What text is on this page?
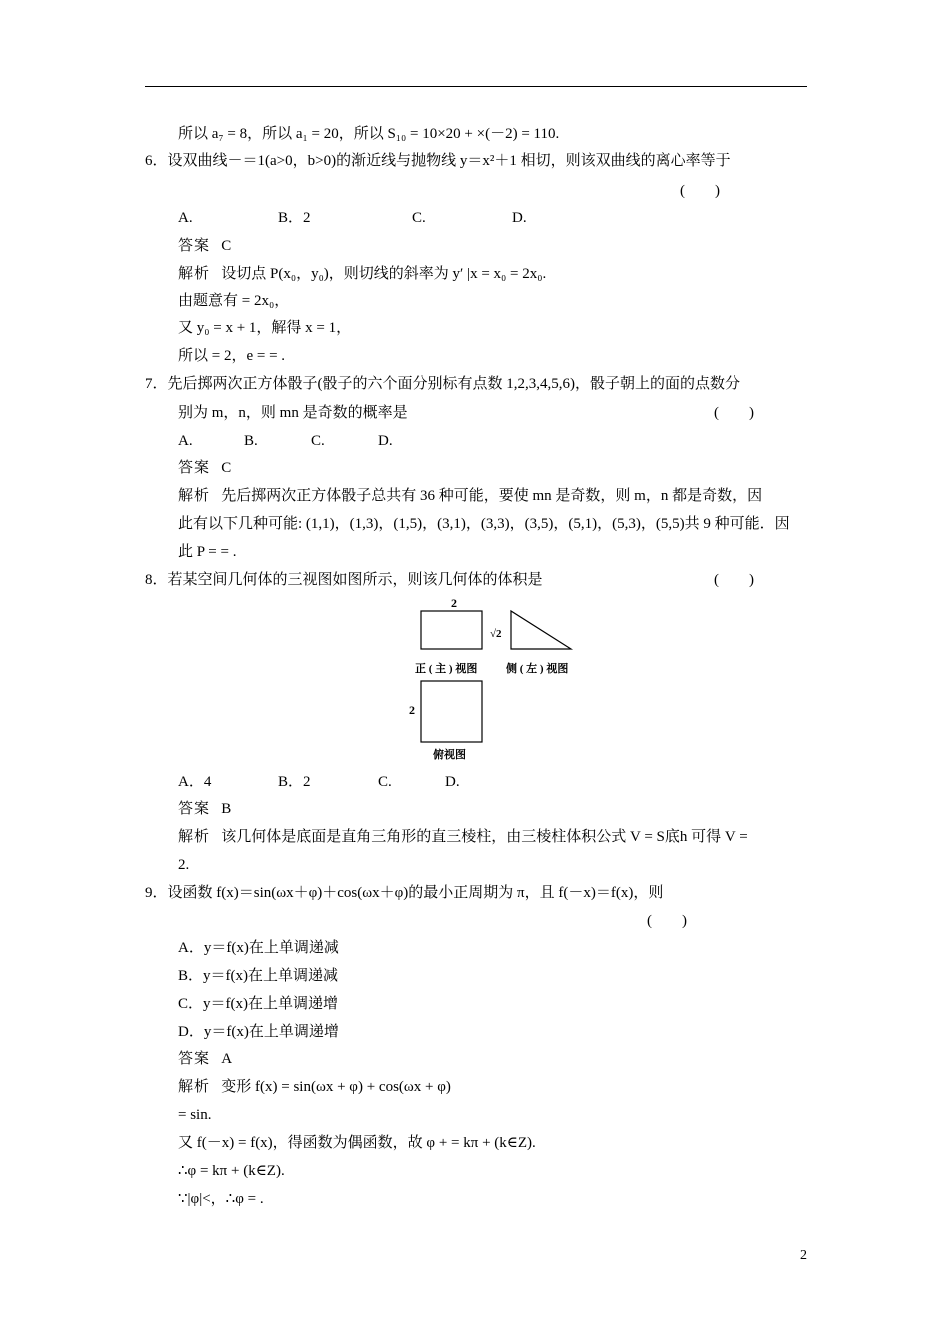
所以 a₇ = 8，所以 a₁ = 20，所以 S₁₀ = 10×20 + ×(－2) = 110.
6．设双曲线－＝1(a>0，b>0)的渐近线与抛物线 y＝x²＋1 相切，则该双曲线的离心率等于
(　　)
A.	B．2	C.	D.
答案 C
解析 设切点 P(x₀，y₀)，则切线的斜率为 y′ |x = x₀ = 2x₀.
由题意有 = 2x₀，
又 y₀ = x + 1，解得 x = 1，
所以 = 2，e = = .
7．先后掷两次正方体骰子(骰子的六个面分别标有点数 1,2,3,4,5,6)，骰子朝上的面的点数分
别为 m，n，则 mn 是奇数的概率是	(　　)
A.	B.	C.	D.
答案 C
解析 先后掷两次正方体骰子总共有 36 种可能，要使 mn 是奇数，则 m，n 都是奇数，因
此有以下几种可能: (1,1)，(1,3)，(1,5)，(3,1)，(3,3)，(3,5)，(5,1)，(5,3)，(5,5)共 9 种可能．因
此 P = = .
8．若某空间几何体的三视图如图所示，则该几何体的体积是	(　　)
2
√2
正 ( 主 ) 视图	侧 ( 左 ) 视图
2
俯视图
A．4	B．2	C.	D.
答案 B
解析 该几何体是底面是直角三角形的直三棱柱，由三棱柱体积公式 V = S底h 可得 V =
2.
9．设函数 f(x)＝sin(ωx＋φ)＋cos(ωx＋φ)的最小正周期为 π，且 f(－x)＝f(x)，则
(　　)
A．y＝f(x)在上单调递减
B．y＝f(x)在上单调递减
C．y＝f(x)在上单调递增
D．y＝f(x)在上单调递增
答案 A
解析 变形 f(x) = sin(ωx + φ) + cos(ωx + φ)
= sin.
又 f(－x) = f(x)，得函数为偶函数，故 φ + = kπ + (k∈Z).
∴φ = kπ + (k∈Z).
∵|φ|<，∴φ = .
2
